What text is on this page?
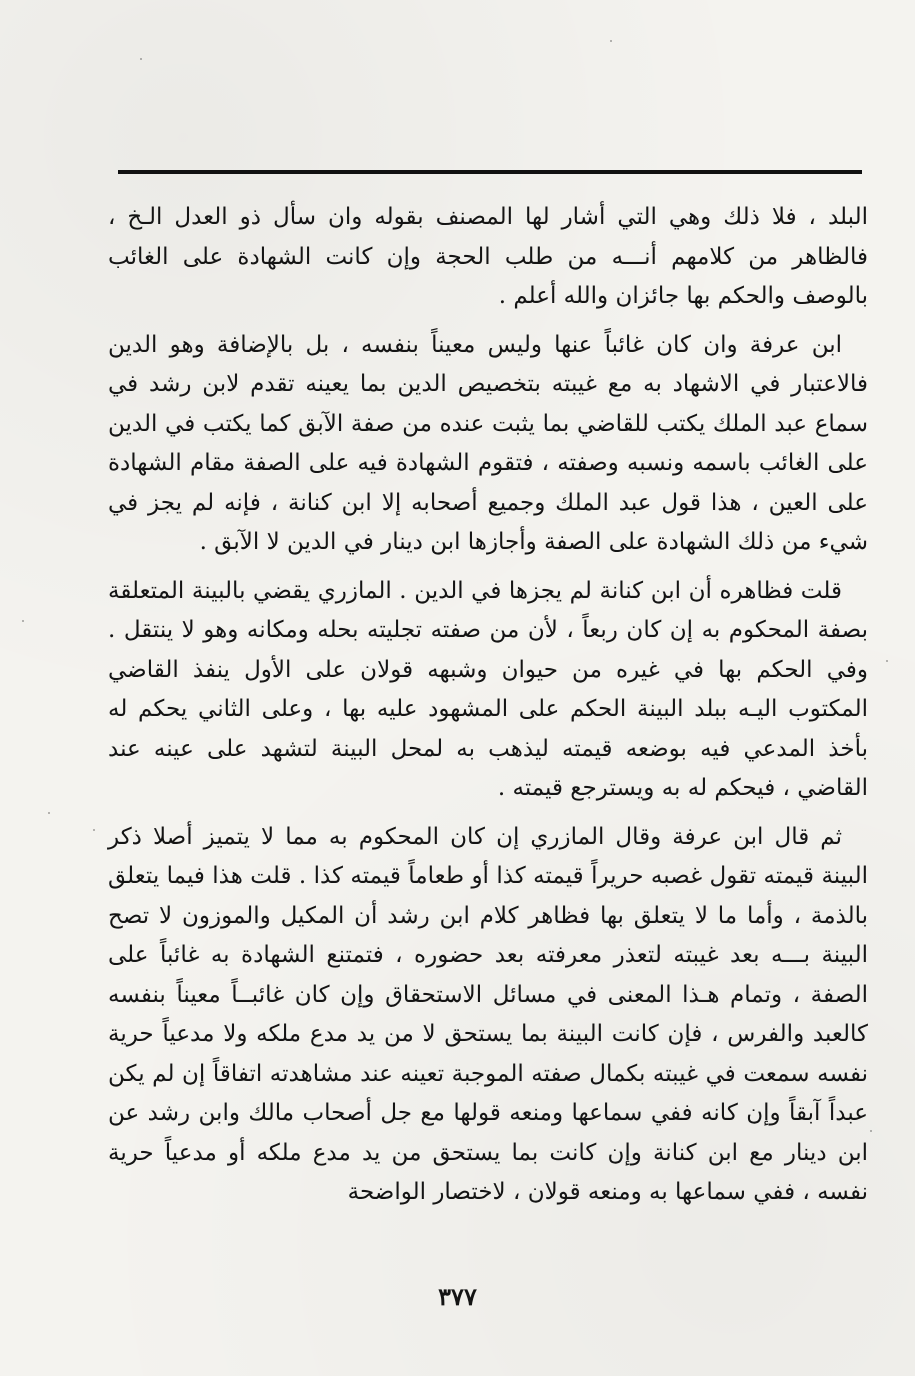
البلد ، فلا ذلك وهي التي أشار لها المصنف بقوله وان سأل ذو العدل الـخ ، فالظاهر من كلامهم أنـــه من طلب الحجة وإن كانت الشهادة على الغائب بالوصف والحكم بها جائزان والله أعلم .

ابن عرفة وان كان غائباً عنها وليس معيناً بنفسه ، بل بالإضافة وهو الدين فالاعتبار في الاشهاد به مع غيبته بتخصيص الدين بما يعينه تقدم لابن رشد في سماع عبد الملك يكتب للقاضي بما يثبت عنده من صفة الآبق كما يكتب في الدين على الغائب باسمه ونسبه وصفته ، فتقوم الشهادة فيه على الصفة مقام الشهادة على العين ، هذا قول عبد الملك وجميع أصحابه إلا ابن كنانة ، فإنه لم يجز في شيء من ذلك الشهادة على الصفة وأجازها ابن دينار في الدين لا الآبق .

قلت فظاهره أن ابن كنانة لم يجزها في الدين . المازري يقضي بالبينة المتعلقة بصفة المحكوم به إن كان ربعاً ، لأن من صفته تجليته بحله ومكانه وهو لا ينتقل . وفي الحكم بها في غيره من حيوان وشبهه قولان على الأول ينفذ القاضي المكتوب اليـه ببلد البينة الحكم على المشهود عليه بها ، وعلى الثاني يحكم له بأخذ المدعي فيه بوضعه قيمته ليذهب به لمحل البينة لتشهد على عينه عند القاضي ، فيحكم له به ويسترجع قيمته .

ثم قال ابن عرفة وقال المازري إن كان المحكوم به مما لا يتميز أصلا ذكر البينة قيمته تقول غصبه حريراً قيمته كذا أو طعاماً قيمته كذا . قلت هذا فيما يتعلق بالذمة ، وأما ما لا يتعلق بها فظاهر كلام ابن رشد أن المكيل والموزون لا تصح البينة بـــه بعد غيبته لتعذر معرفته بعد حضوره ، فتمتنع الشهادة به غائباً على الصفة ، وتمام هـذا المعنى في مسائل الاستحقاق وإن كان غائبــاً معيناً بنفسه كالعبد والفرس ، فإن كانت البينة بما يستحق لا من يد مدع ملكه ولا مدعياً حرية نفسه سمعت في غيبته بكمال صفته الموجبة تعينه عند مشاهدته اتفاقاً إن لم يكن عبداً آبقاً وإن كانه ففي سماعها ومنعه قولها مع جل أصحاب مالك وابن رشد عن ابن دينار مع ابن كنانة وإن كانت بما يستحق من يد مدع ملكه أو مدعياً حرية نفسه ، ففي سماعها به ومنعه قولان ، لاختصار الواضحة

٣٧٧
